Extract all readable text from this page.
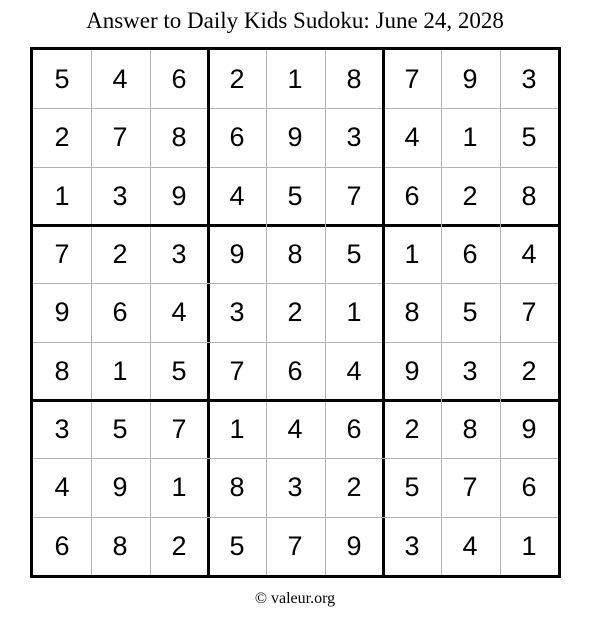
Answer to Daily Kids Sudoku: June 24, 2028
5	4	6	2	1	8	7	9	3
2	7	8	6	9	3	4	1	5
1	3	9	4	5	7	6	2	8
7	2	3	9	8	5	1	6	4
9	6	4	3	2	1	8	5	7
8	1	5	7	6	4	9	3	2
3	5	7	1	4	6	2	8	9
4	9	1	8	3	2	5	7	6
6	8	2	5	7	9	3	4	1
© valeur.org
